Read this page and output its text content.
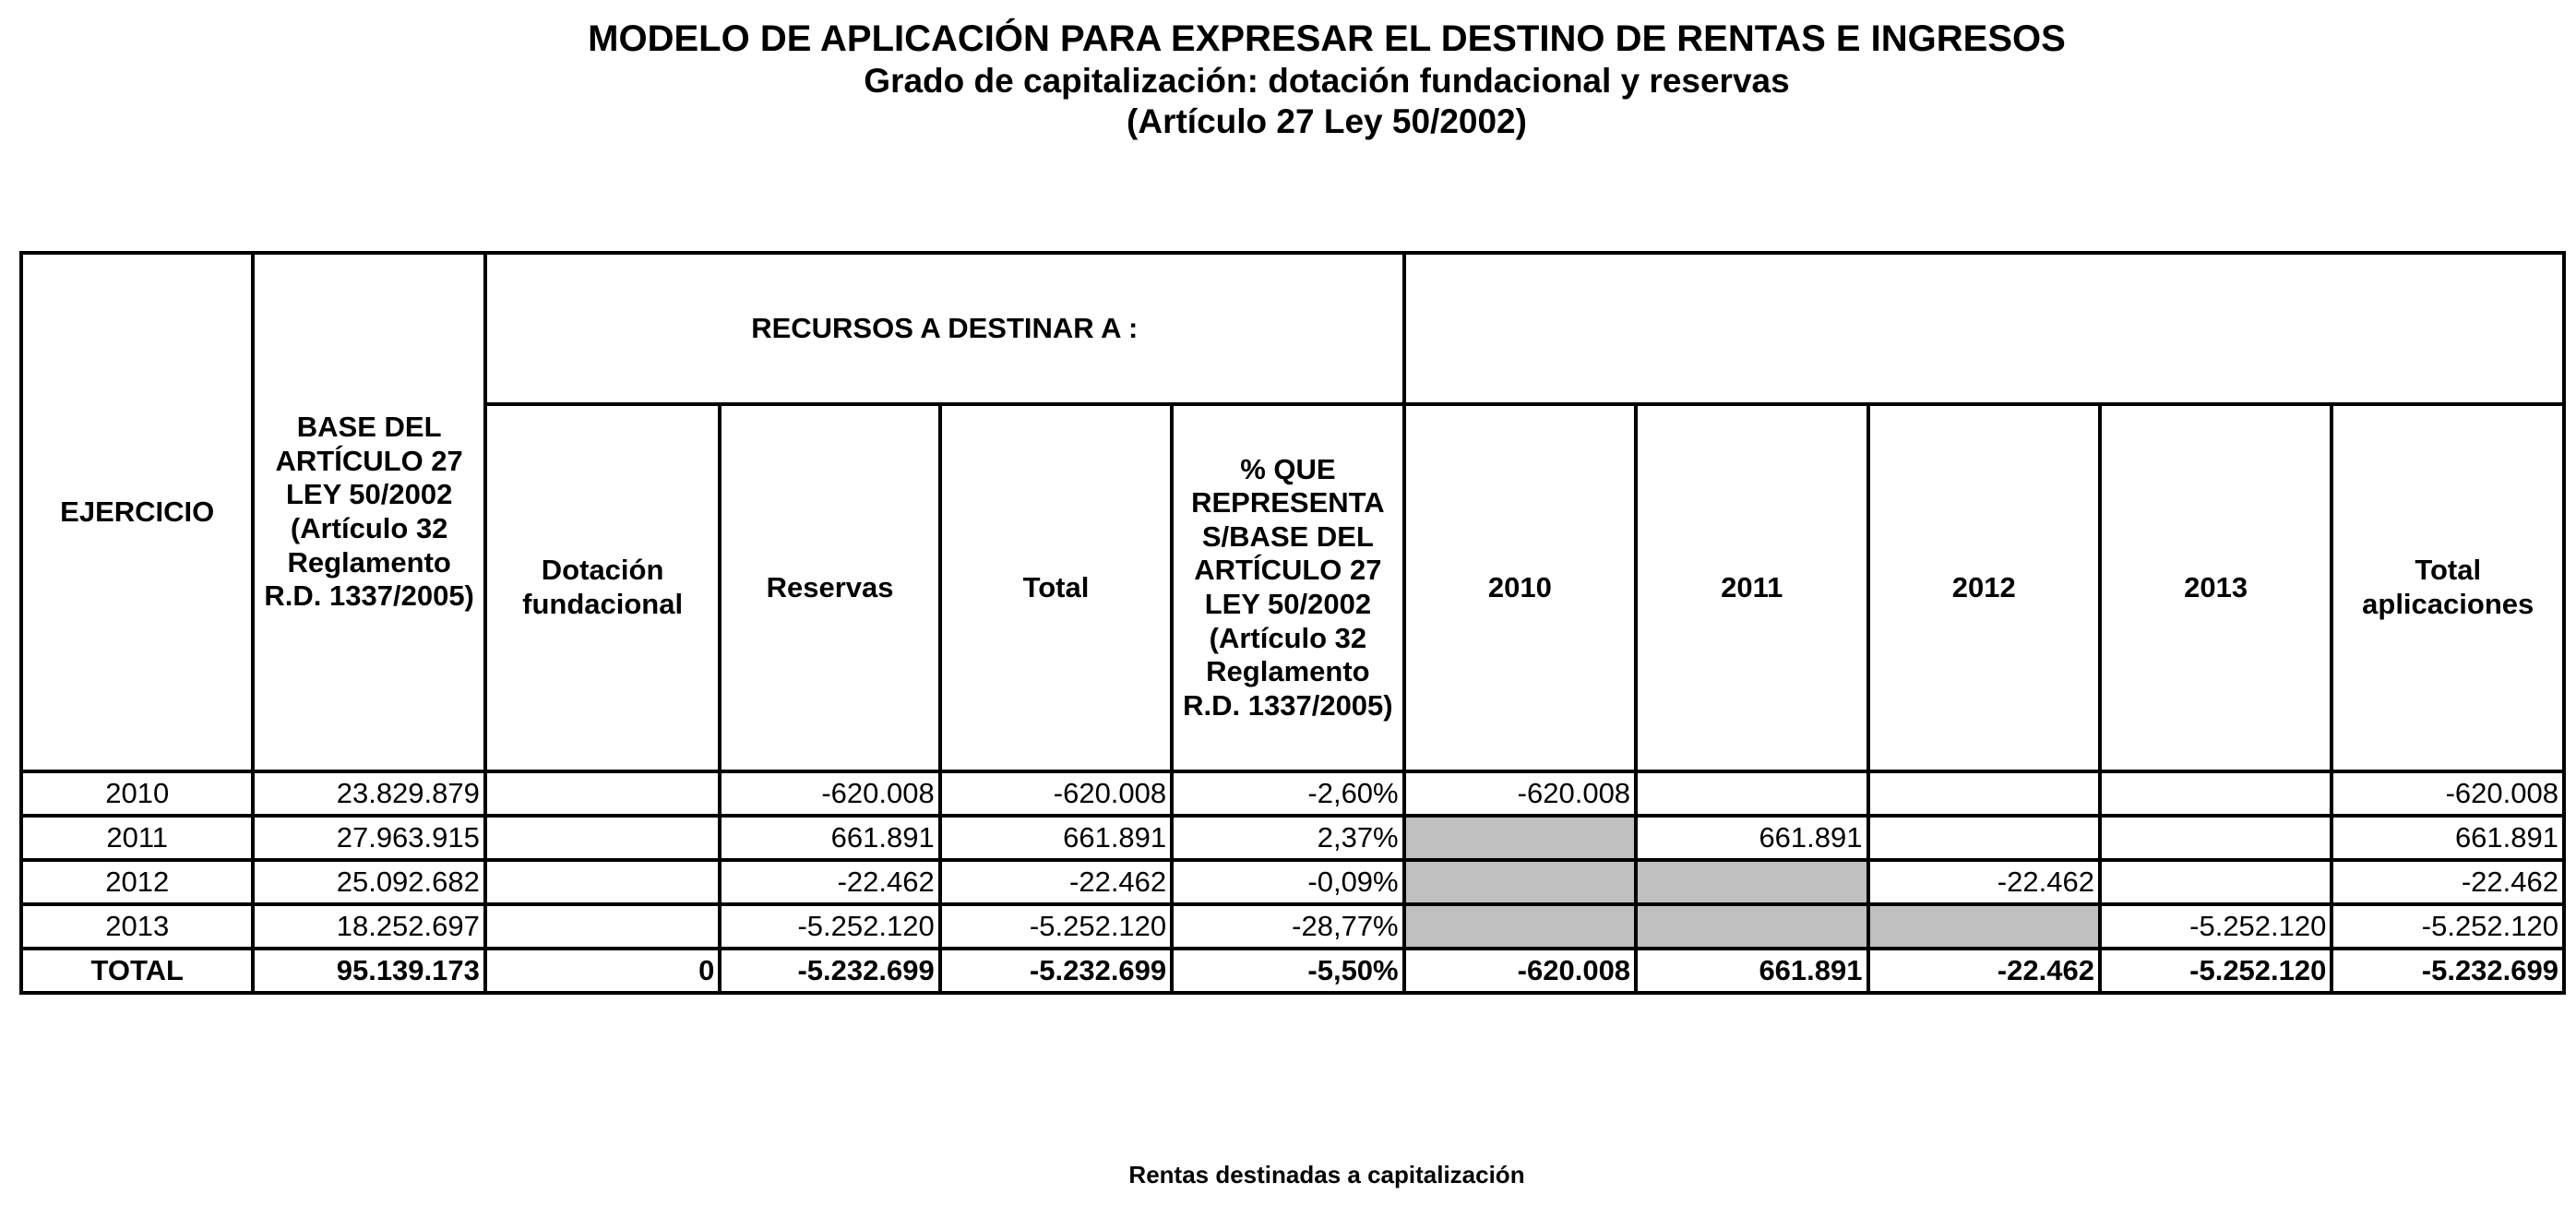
MODELO DE APLICACIÓN PARA EXPRESAR EL DESTINO DE RENTAS E INGRESOS
Grado de capitalización: dotación fundacional y reservas
(Artículo 27 Ley 50/2002)
EJERCICIO	BASE DEL ARTÍCULO 27 LEY 50/2002 (Artículo 32 Reglamento R.D. 1337/2005)	RECURSOS A DESTINAR A :								
		Dotación fundacional	Reservas	Total	% QUE REPRESENTA S/BASE DEL ARTÍCULO 27 LEY 50/2002 (Artículo 32 Reglamento R.D. 1337/2005)	2010	2011	2012	2013	Total aplicaciones
2010	23.829.879		-620.008	-620.008	-2,60%	-620.008				-620.008
2011	27.963.915		661.891	661.891	2,37%		661.891			661.891
2012	25.092.682		-22.462	-22.462	-0,09%			-22.462		-22.462
2013	18.252.697		-5.252.120	-5.252.120	-28,77%				-5.252.120	-5.252.120
TOTAL	95.139.173	0	-5.232.699	-5.232.699	-5,50%	-620.008	661.891	-22.462	-5.252.120	-5.232.699
Rentas destinadas a capitalización
